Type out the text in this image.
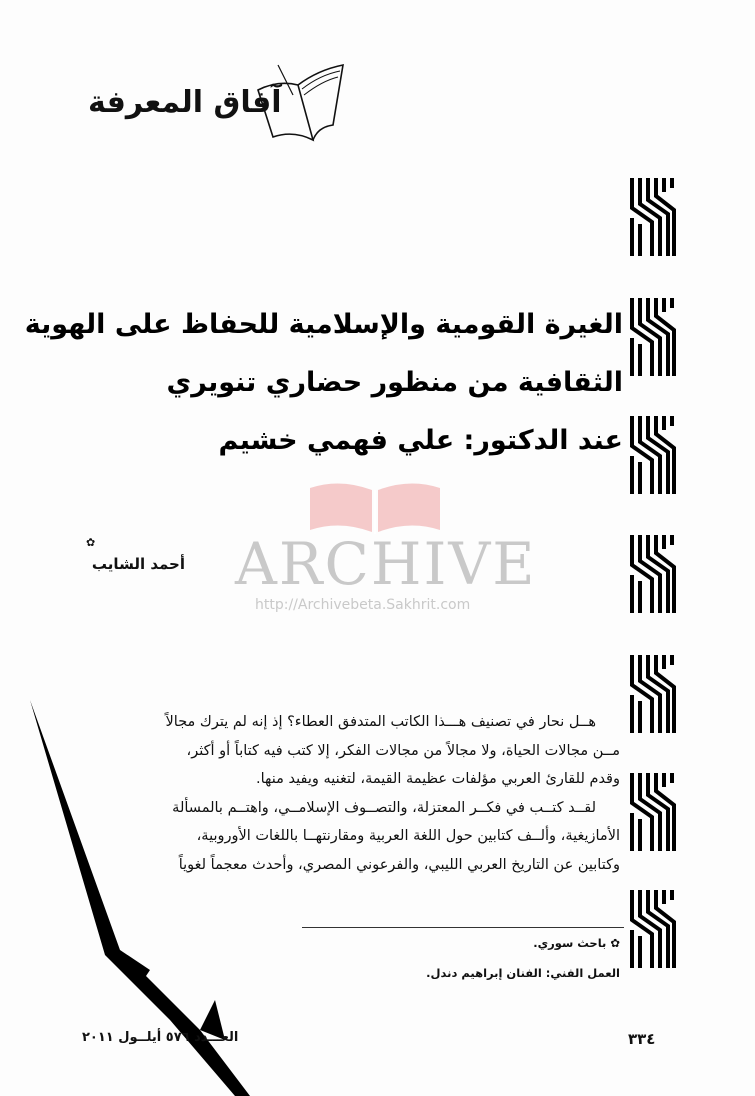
آفاق المعرفة
الغيرة القومية والإسلامية للحفاظ على الهوية
الثقافية من منظور حضاري تنويري
عند الدكتور: علي فهمي خشيم
ARCHIVE
http://Archivebeta.Sakhrit.com
✿
أحمد الشايب
هــل نحار في تصنيف هـــذا الكاتب المتدفق العطاء؟ إذ إنه لم يترك مجالاً
مــن مجالات الحياة، ولا مجالاً من مجالات الفكر، إلا كتب فيه كتاباً أو أكثر،
وقدم للقارئ العربي مؤلفات عظيمة القيمة، لتغنيه ويفيد منها.
لقــد كتــب في فكــر المعتزلة، والتصــوف الإسلامــي، واهتــم بالمسألة
الأمازيغية، وألــف كتابين حول اللغة العربية ومقارنتهــا باللغات الأوروبية،
وكتابين عن التاريخ العربي الليبي، والفرعوني المصري، وأحدث معجماً لغوياً
✿ باحث سوري.
العمل الفني: الفنان إبراهيم دندل.
٣٣٤
العـــدد ٥٧٦ أيلــول ٢٠١١
